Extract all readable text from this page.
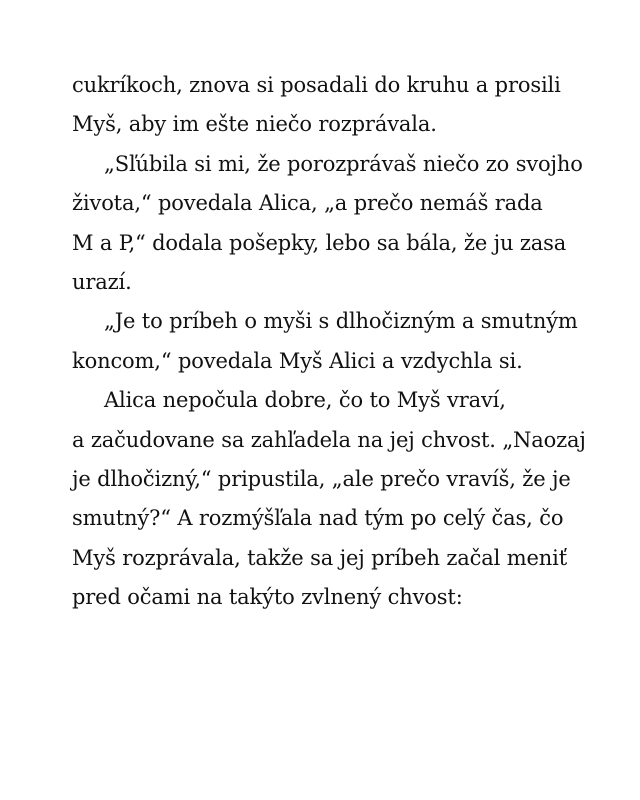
cukríkoch, znova si posadali do kruhu a prosili
Myš, aby im ešte niečo rozprávala.
„Sľúbila si mi, že porozprávaš niečo zo svojho
života,“ povedala Alica, „a prečo nemáš rada
M a P,“ dodala pošepky, lebo sa bála, že ju zasa
urazí.
„Je to príbeh o myši s dlhočizným a smutným
koncom,“ povedala Myš Alici a vzdychla si.
Alica nepočula dobre, čo to Myš vraví,
a začudovane sa zahľadela na jej chvost. „Naozaj
je dlhočizný,“ pripustila, „ale prečo vravíš, že je
smutný?“ A rozmýšľala nad tým po celý čas, čo
Myš rozprávala, takže sa jej príbeh začal meniť
pred očami na takýto zvlnený chvost:
